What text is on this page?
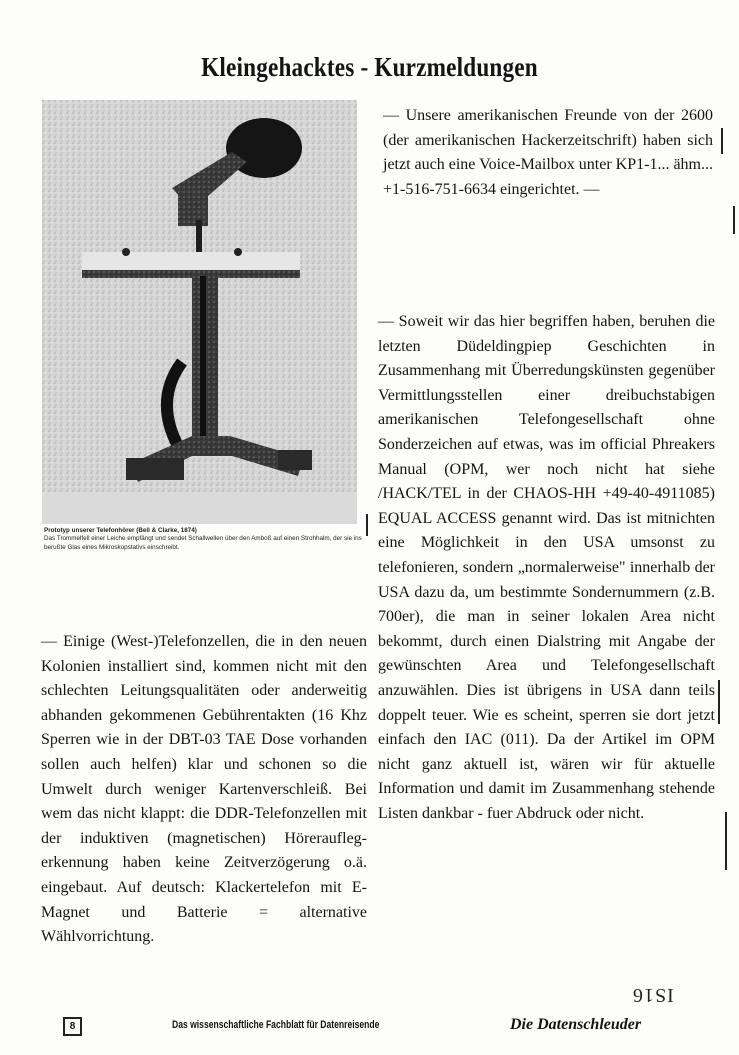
Kleingehacktes - Kurzmeldungen

Prototyp unserer Telefonhörer (Bell & Clarke, 1874)

Das Trommelfell einer Leiche empfängt und sendet Schallwellen über den Amboß auf einen Strohhalm, der sie ins berußte Glas eines Mikroskopstativs einschreibt.

— Unsere amerikanischen Freunde von der 2600 (der amerikanischen Hackerzeitschrift) haben sich jetzt auch eine Voice-Mailbox unter KP1-1... ähm... +1-516-751-6634 eingerichtet. —

— Soweit wir das hier begriffen haben, beruhen die letzten Düdeldingpiep Geschichten in Zusammenhang mit Überredungskünsten gegenüber Vermittlungsstellen einer dreibuchstabigen amerikanischen Telefongesellschaft ohne Sonderzeichen auf etwas, was im official Phreakers Manual (OPM, wer noch nicht hat siehe /HACK/TEL in der CHAOS-HH +49-40-4911085) EQUAL ACCESS genannt wird. Das ist mitnichten eine Möglichkeit in den USA umsonst zu telefonieren, sondern „normalerweise" innerhalb der USA dazu da, um bestimmte Sondernummern (z.B. 700er), die man in seiner lokalen Area nicht bekommt, durch einen Dialstring mit Angabe der gewünschten Area und Telefongesellschaft anzuwählen. Dies ist übrigens in USA dann teils doppelt teuer. Wie es scheint, sperren sie dort jetzt einfach den IAC (011). Da der Artikel im OPM nicht ganz aktuell ist, wären wir für aktuelle Information und damit im Zusammenhang stehende Listen dankbar - fuer Abdruck oder nicht.

— Einige (West-)Telefonzellen, die in den neuen Kolonien installiert sind, kommen nicht mit den schlechten Leitungsqualitäten oder anderweitig abhanden gekommenen Gebührentakten (16 Khz Sperren wie in der DBT-03 TAE Dose vorhanden sollen auch helfen) klar und schonen so die Umwelt durch weniger Kartenverschleiß. Bei wem das nicht klappt: die DDR-Telefonzellen mit der induktiven (magnetischen) Höreraufleg-erkennung haben keine Zeitverzögerung o.ä. eingebaut. Auf deutsch: Klackertelefon mit E-Magnet und Batterie = alternative Wählvorrichtung.

IS16
8	Das wissenschaftliche Fachblatt für Datenreisende	Die Datenschleuder
